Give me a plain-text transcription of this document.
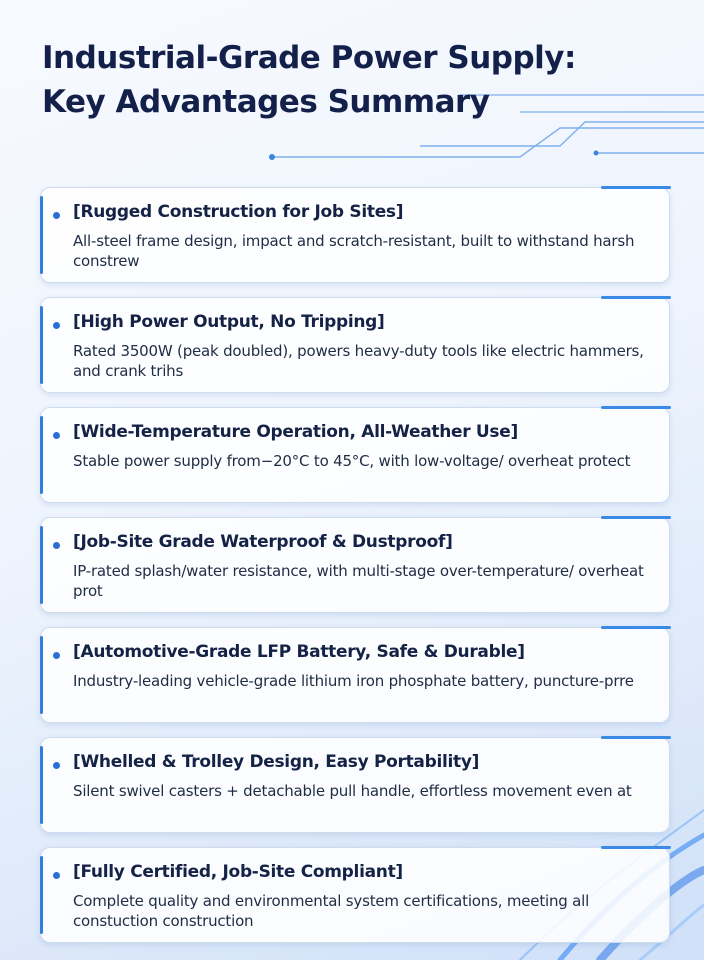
Industrial-Grade Power Supply:
Key Advantages Summary

[Rugged Construction for Job Sites]

All-steel frame design, impact and scratch-resistant, built to withstand harsh constrew

[High Power Output, No Tripping]

Rated 3500W (peak doubled), powers heavy-duty tools like electric hammers, and crank trihs

[Wide-Temperature Operation, All-Weather Use]

Stable power supply from−20°C to 45°C, with low-voltage/ overheat protect

[Job-Site Grade Waterproof & Dustproof]

IP-rated splash/water resistance, with multi-stage over-temperature/ overheat prot

[Automotive-Grade LFP Battery, Safe & Durable]

Industry-leading vehicle-grade lithium iron phosphate battery, puncture-prre

[Whelled & Trolley Design, Easy Portability]

Silent swivel casters + detachable pull handle, effortless movement even at

[Fully Certified, Job-Site Compliant]

Complete quality and environmental system certifications, meeting all constuction construction
